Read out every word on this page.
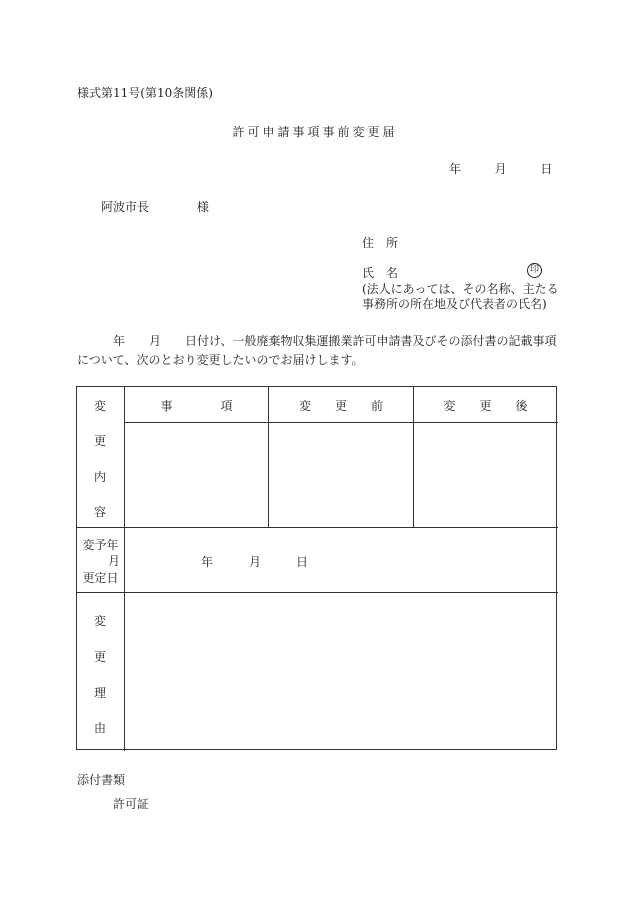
様式第11号(第10条関係)
許可申請事項事前変更届
年	月	日
阿波市長	様
住　所
氏　名	印
(法人にあっては、その名称、主たる
事務所の所在地及び代表者の氏名)
年　　月　　日付け、一般廃棄物収集運搬業許可申請書及びその添付書の記載事項
について、次のとおり変更したいのでお届けします。
事　　　　項	変　　更　　前	変　　更　　後
変
更
内
容
変予年
月
更定日
年	月	日
変
更
理
由
添付書類
許可証
